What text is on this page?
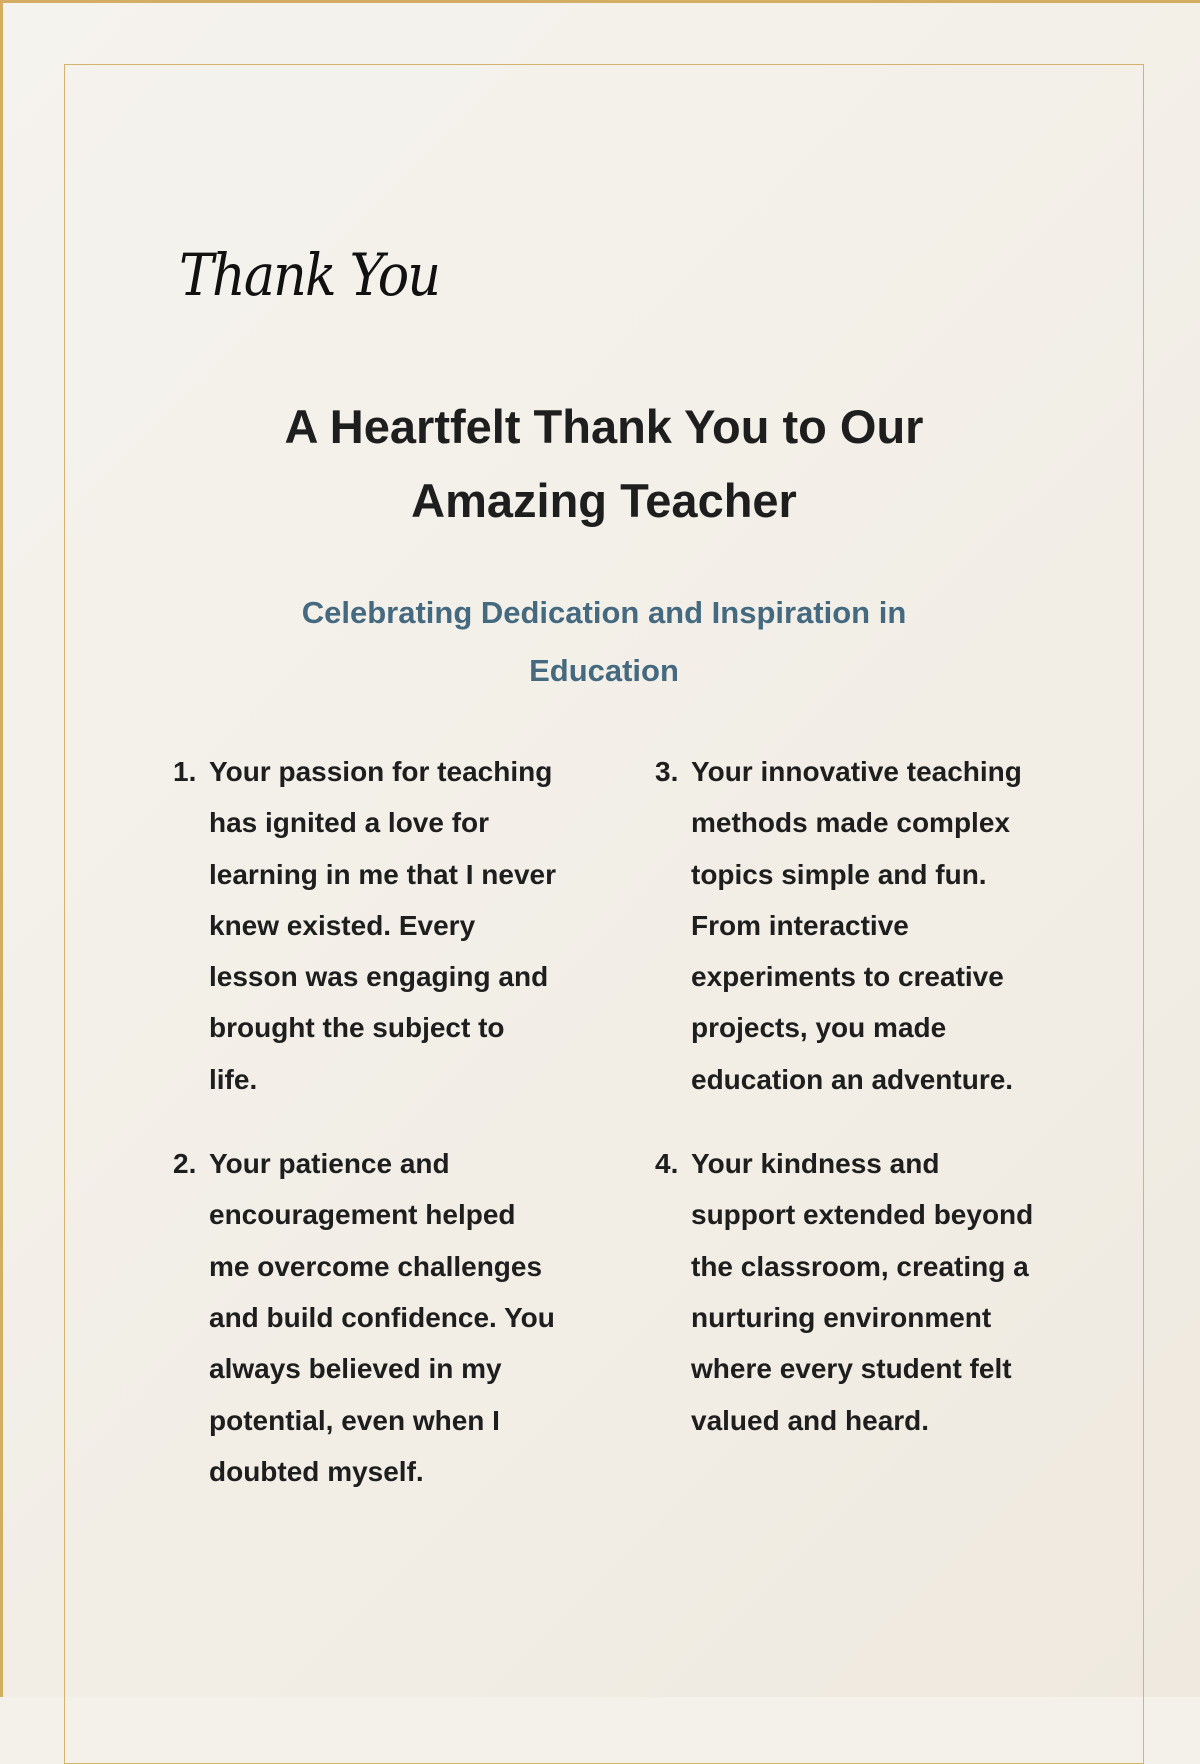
Thank You
A Heartfelt Thank You to Our Amazing Teacher
Celebrating Dedication and Inspiration in Education
1. Your passion for teaching has ignited a love for learning in me that I never knew existed. Every lesson was engaging and brought the subject to life.
2. Your patience and encouragement helped me overcome challenges and build confidence. You always believed in my potential, even when I doubted myself.
3. Your innovative teaching methods made complex topics simple and fun. From interactive experiments to creative projects, you made education an adventure.
4. Your kindness and support extended beyond the classroom, creating a nurturing environment where every student felt valued and heard.
